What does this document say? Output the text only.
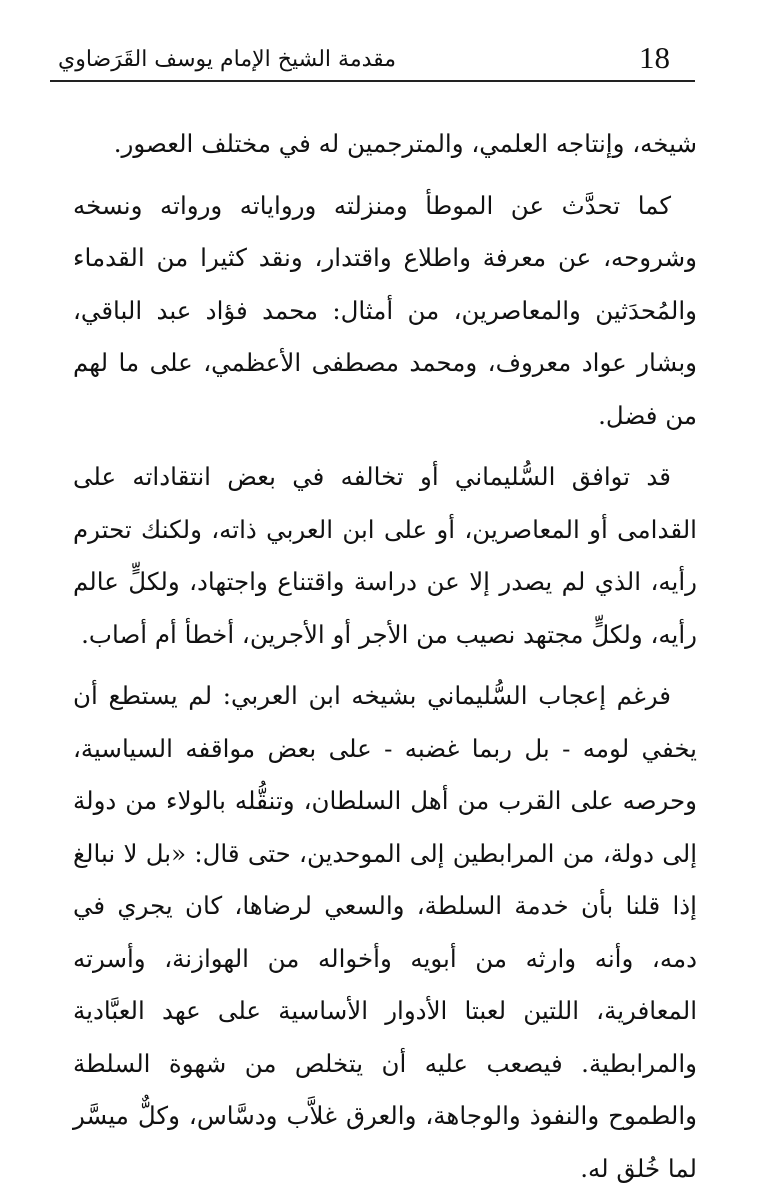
18
مقدمة الشيخ الإمام يوسف القَرَضاوي

شيخه، وإنتاجه العلمي، والمترجمين له في مختلف العصور.

كما تحدَّث عن الموطأ ومنزلته ورواياته ورواته ونسخه وشروحه، عن معرفة واطلاع واقتدار، ونقد كثيرا من القدماء والمُحدَثين والمعاصرين، من أمثال: محمد فؤاد عبد الباقي، وبشار عواد معروف، ومحمد مصطفى الأعظمي، على ما لهم من فضل.

قد توافق السُّليماني أو تخالفه في بعض انتقاداته على القدامى أو المعاصرين، أو على ابن العربي ذاته، ولكنك تحترم رأيه، الذي لم يصدر إلا عن دراسة واقتناع واجتهاد، ولكلٍّ عالم رأيه، ولكلٍّ مجتهد نصيب من الأجر أو الأجرين، أخطأ أم أصاب.

فرغم إعجاب السُّليماني بشيخه ابن العربي: لم يستطع أن يخفي لومه - بل ربما غضبه - على بعض مواقفه السياسية، وحرصه على القرب من أهل السلطان، وتنقُّله بالولاء من دولة إلى دولة، من المرابطين إلى الموحدين، حتى قال: «بل لا نبالغ إذا قلنا بأن خدمة السلطة، والسعي لرضاها، كان يجري في دمه، وأنه وارثه من أبويه وأخواله من الهوازنة، وأسرته المعافرية، اللتين لعبتا الأدوار الأساسية على عهد العبَّادية والمرابطية. فيصعب عليه أن يتخلص من شهوة السلطة والطموح والنفوذ والوجاهة، والعرق غلاَّب ودسَّاس، وكلٌّ ميسَّر لما خُلق له.
